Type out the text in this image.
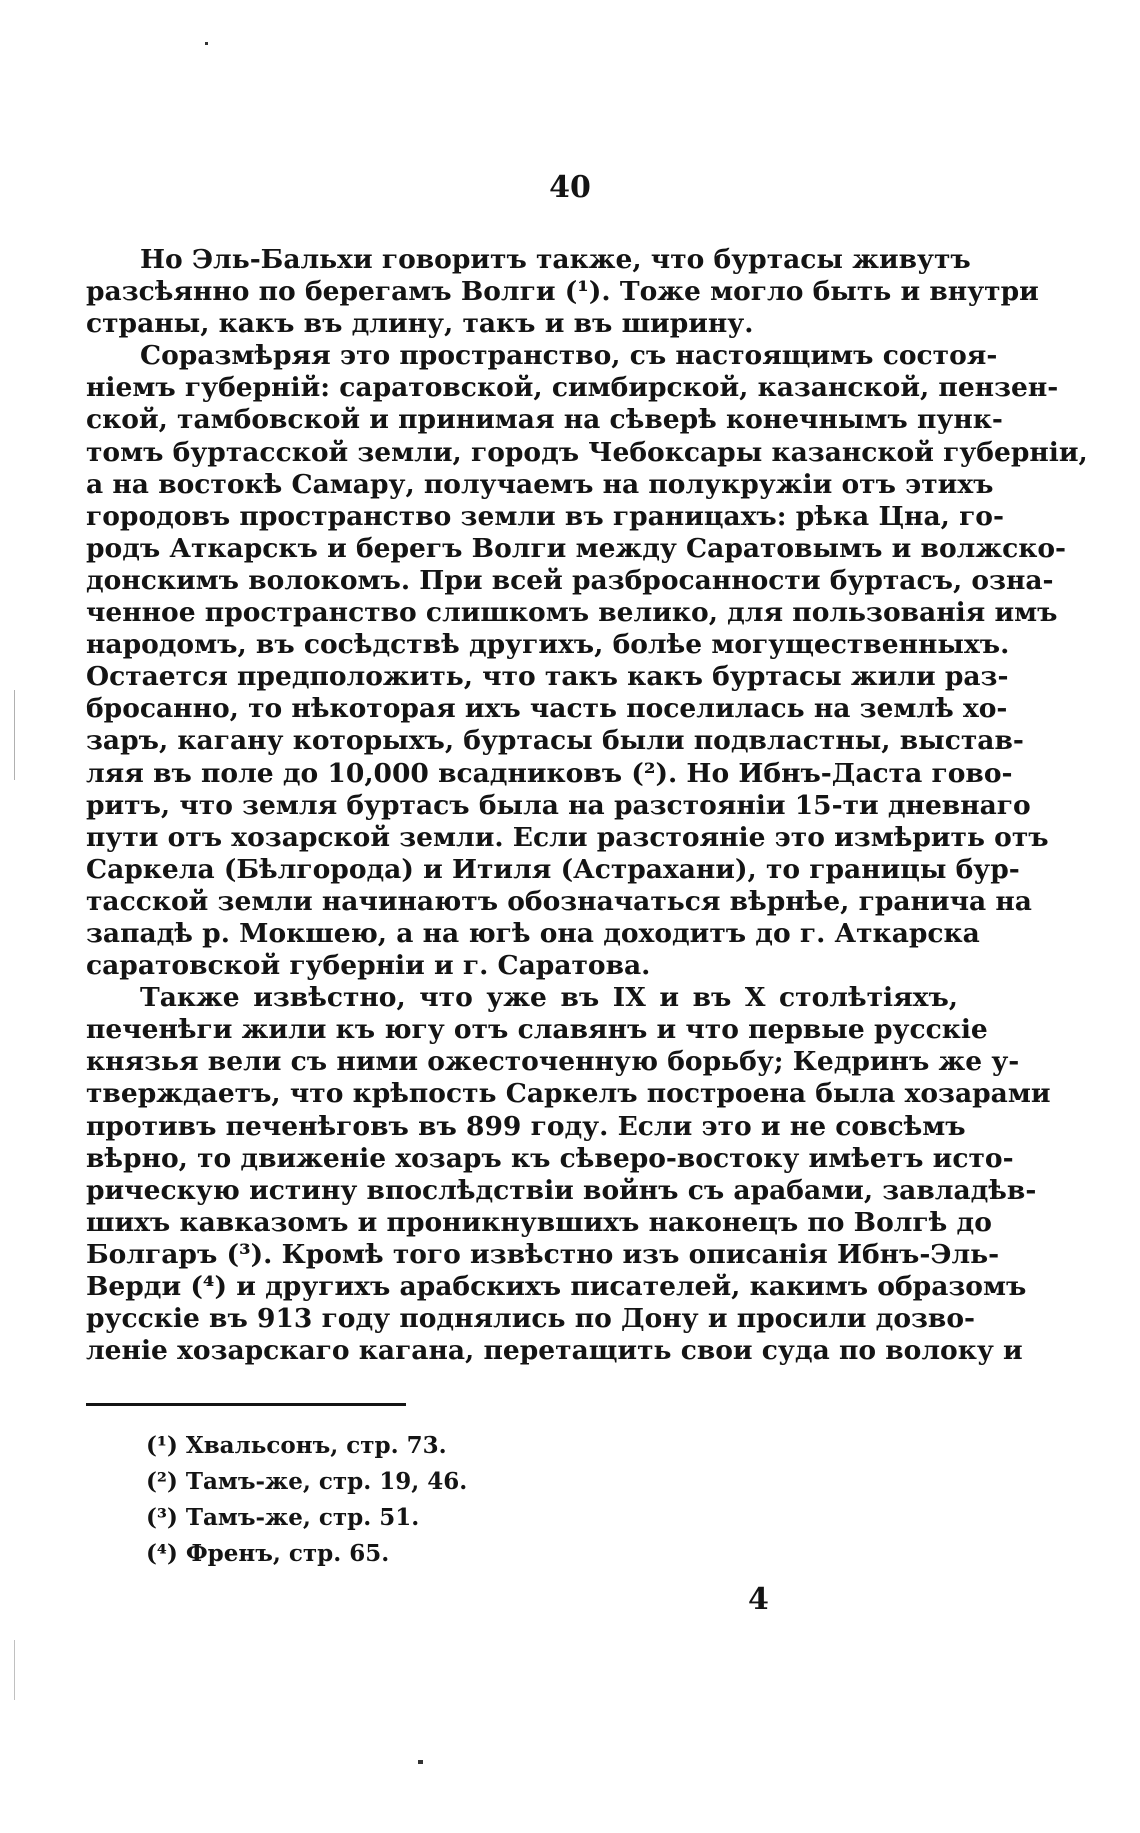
40
Но Эль-Бальхи говоритъ также, что буртасы живутъ
разсѣянно по берегамъ Волги (¹). Тоже могло быть и внутри
страны, какъ въ длину, такъ и въ ширину.
Соразмѣряя это пространство, съ настоящимъ состоя-
ніемъ губерній: саратовской, симбирской, казанской, пензен-
ской, тамбовской и принимая на сѣверѣ конечнымъ пунк-
томъ буртасской земли, городъ Чебоксары казанской губерніи,
а на востокѣ Самару, получаемъ на полукружіи отъ этихъ
городовъ пространство земли въ границахъ: рѣка Цна, го-
родъ Аткарскъ и берегъ Волги между Саратовымъ и волжско-
донскимъ волокомъ. При всей разбросанности буртасъ, озна-
ченное пространство слишкомъ велико, для пользованія имъ
народомъ, въ сосѣдствѣ другихъ, болѣе могущественныхъ.
Остается предположить, что такъ какъ буртасы жили раз-
бросанно, то нѣкоторая ихъ часть поселилась на землѣ хо-
заръ, кагану которыхъ, буртасы были подвластны, выстав-
ляя въ поле до 10,000 всадниковъ (²). Но Ибнъ-Даста гово-
ритъ, что земля буртасъ была на разстояніи 15-ти дневнаго
пути отъ хозарской земли. Если разстояніе это измѣрить отъ
Саркела (Бѣлгорода) и Итиля (Астрахани), то границы бур-
тасской земли начинаютъ обозначаться вѣрнѣе, гранича на
западѣ р. Мокшею, а на югѣ она доходитъ до г. Аткарска
саратовской губерніи и г. Саратова.
Также извѣстно, что уже въ IX и въ X столѣтіяхъ,
печенѣги жили къ югу отъ славянъ и что первые русскіе
князья вели съ ними ожесточенную борьбу; Кедринъ же у-
тверждаетъ, что крѣпость Саркелъ построена была хозарами
противъ печенѣговъ въ 899 году. Если это и не совсѣмъ
вѣрно, то движеніе хозаръ къ сѣверо-востоку имѣетъ исто-
рическую истину впослѣдствіи войнъ съ арабами, завладѣв-
шихъ кавказомъ и проникнувшихъ наконецъ по Волгѣ до
Болгаръ (³). Кромѣ того извѣстно изъ описанія Ибнъ-Эль-
Верди (⁴) и другихъ арабскихъ писателей, какимъ образомъ
русскіе въ 913 году поднялись по Дону и просили дозво-
леніе хозарскаго кагана, перетащить свои суда по волоку и
(¹) Хвальсонъ, стр. 73.
(²) Тамъ-же, стр. 19, 46.
(³) Тамъ-же, стр. 51.
(⁴) Френъ, стр. 65.
4
